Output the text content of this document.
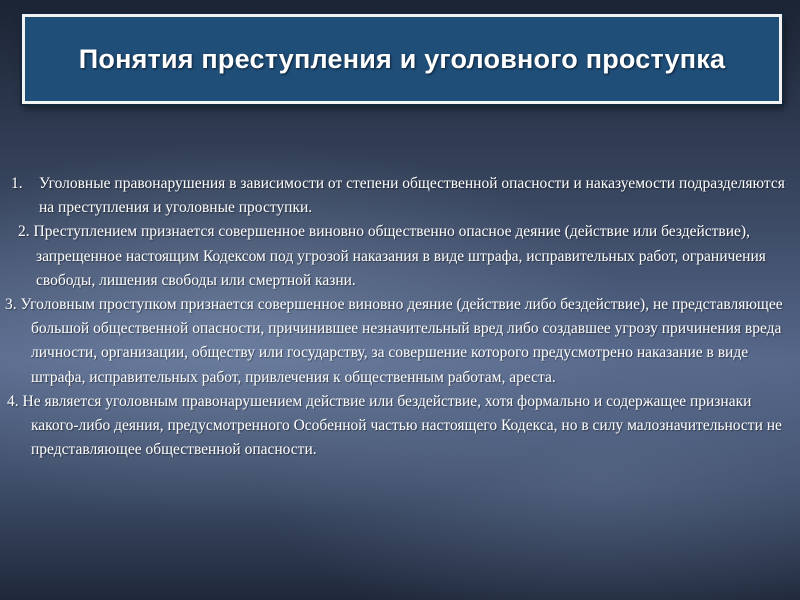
Понятия преступления и уголовного проступка

1. Уголовные правонарушения в зависимости от степени общественной опасности и наказуемости подразделяются на преступления и уголовные проступки.

2. Преступлением признается совершенное виновно общественно опасное деяние (действие или бездействие), запрещенное настоящим Кодексом под угрозой наказания в виде штрафа, исправительных работ, ограничения свободы, лишения свободы или смертной казни.

3. Уголовным проступком признается совершенное виновно деяние (действие либо бездействие), не представляющее большой общественной опасности, причинившее незначительный вред либо создавшее угрозу причинения вреда личности, организации, обществу или государству, за совершение которого предусмотрено наказание в виде штрафа, исправительных работ, привлечения к общественным работам, ареста.

4. Не является уголовным правонарушением действие или бездействие, хотя формально и содержащее признаки какого-либо деяния, предусмотренного Особенной частью настоящего Кодекса, но в силу малозначительности не представляющее общественной опасности.
